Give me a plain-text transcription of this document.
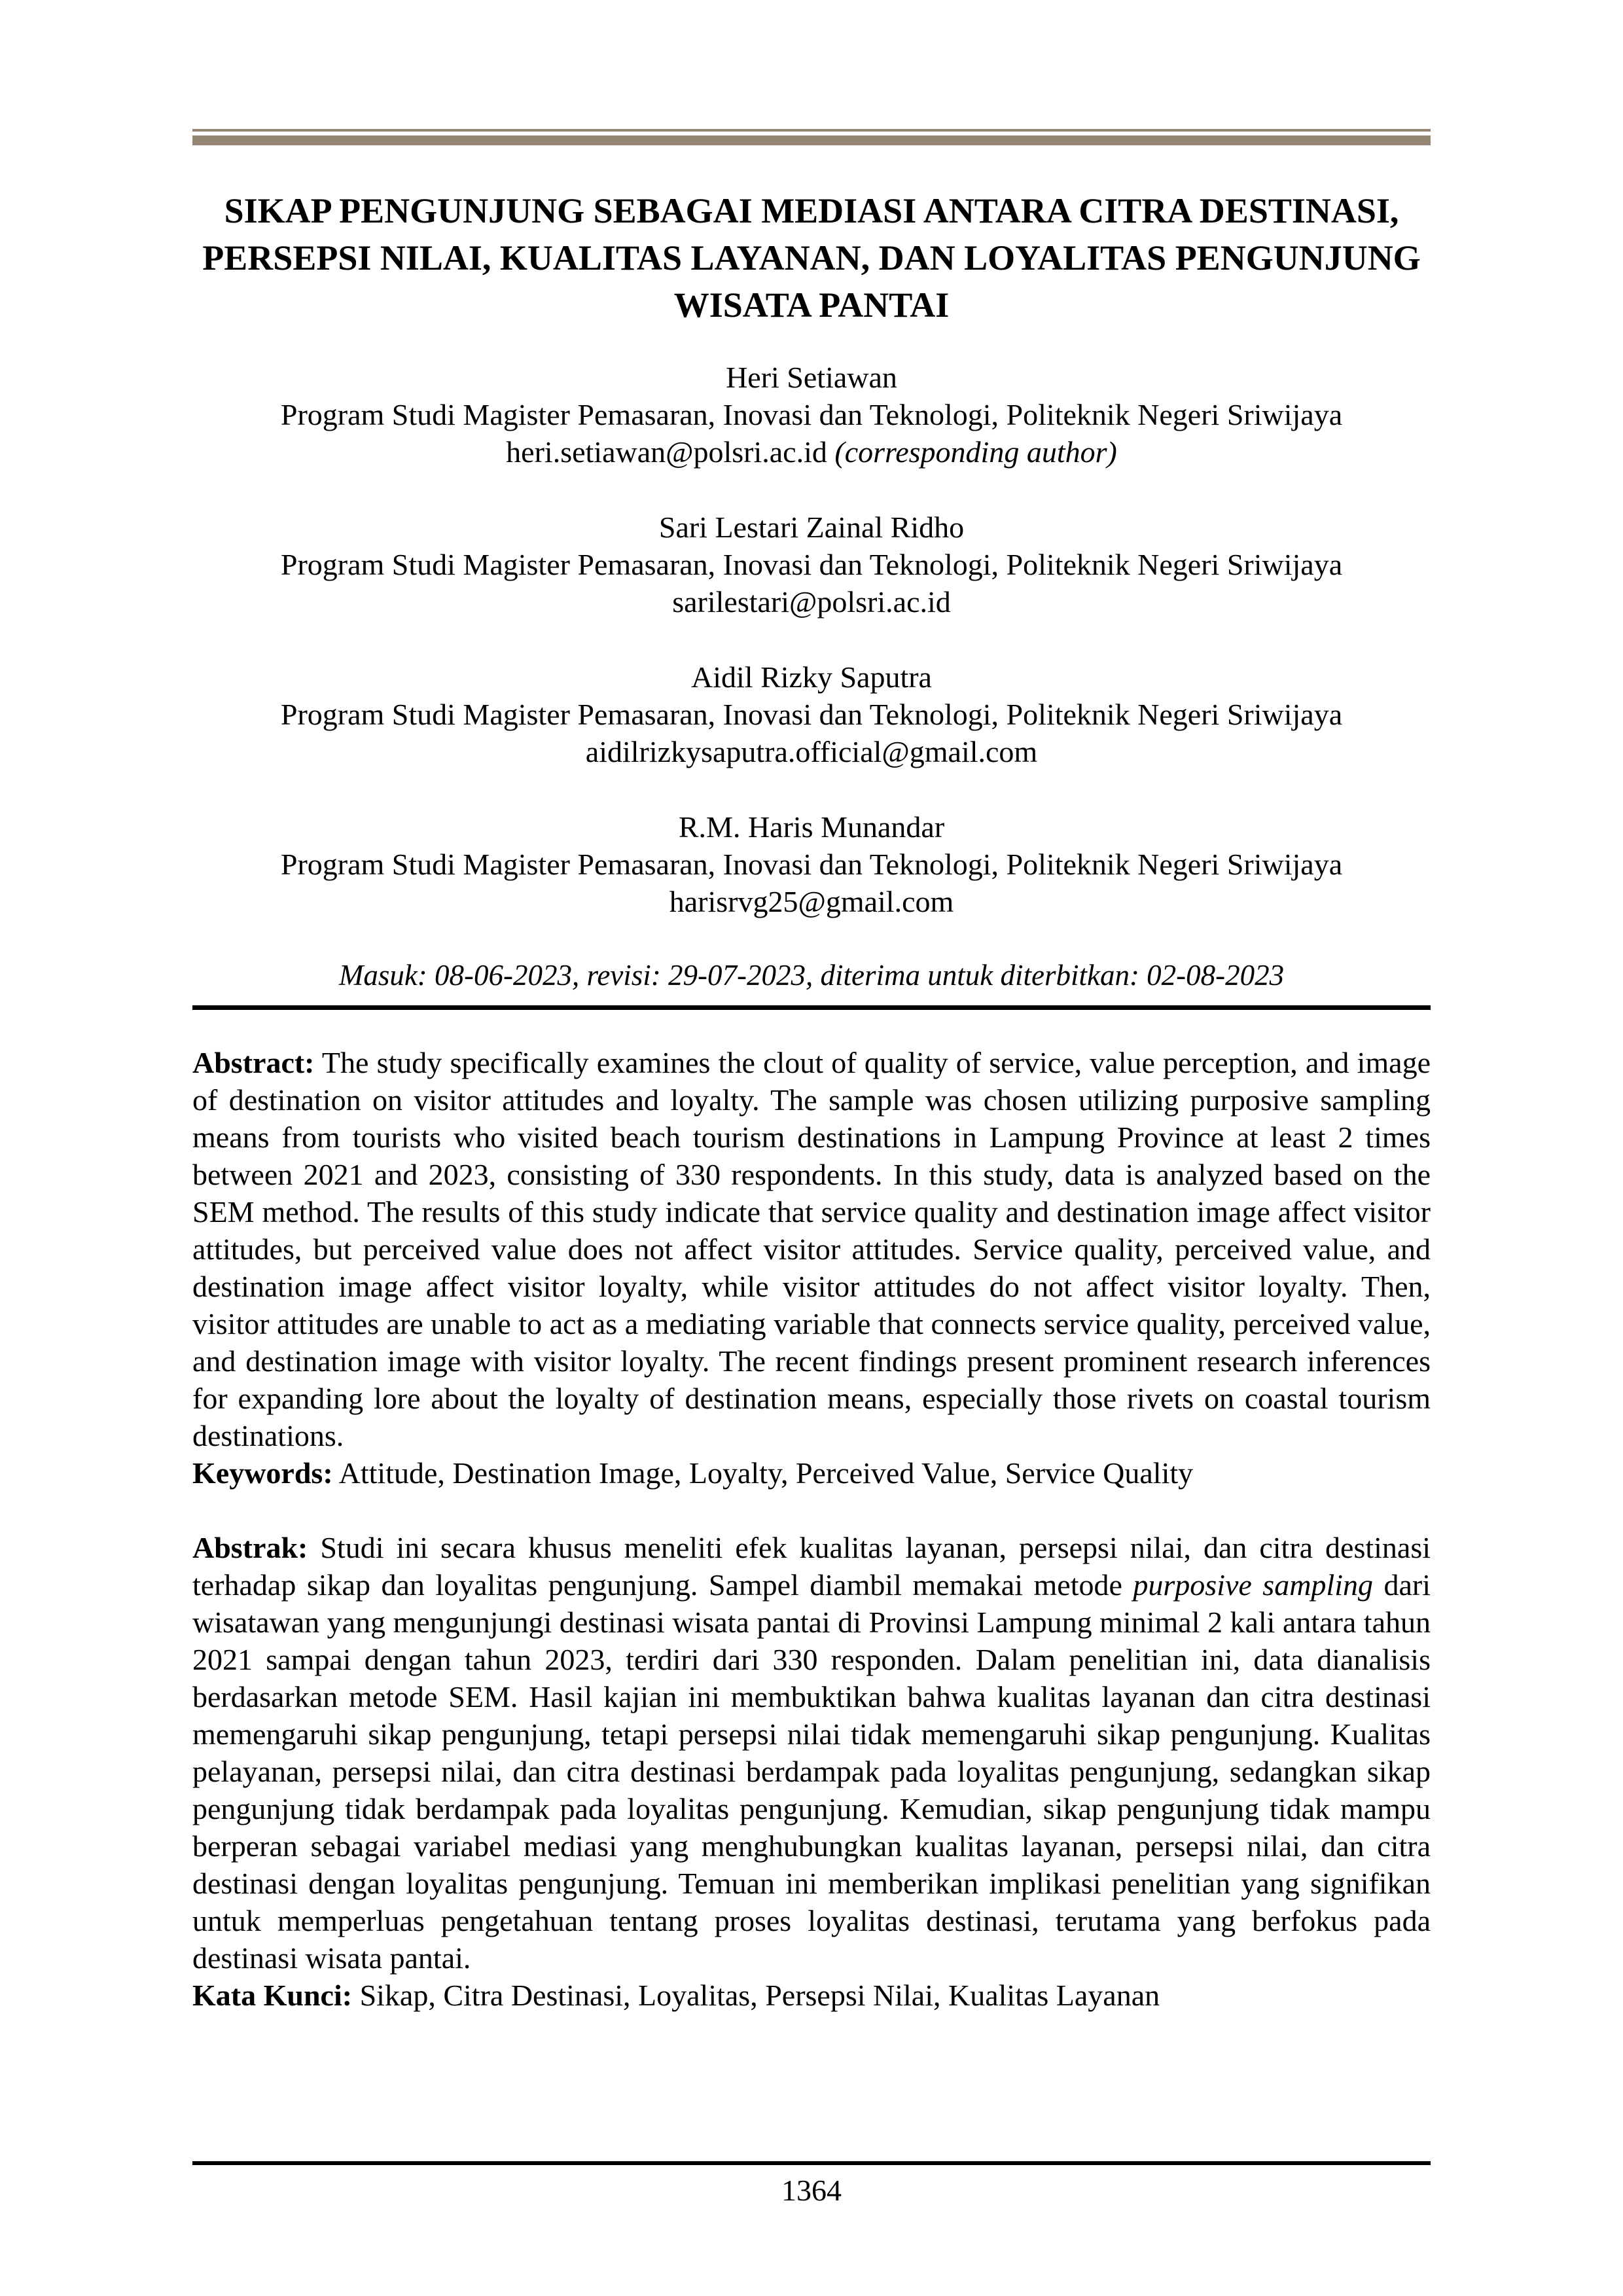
SIKAP PENGUNJUNG SEBAGAI MEDIASI ANTARA CITRA DESTINASI,
PERSEPSI NILAI, KUALITAS LAYANAN, DAN LOYALITAS PENGUNJUNG
WISATA PANTAI
Heri Setiawan
Program Studi Magister Pemasaran, Inovasi dan Teknologi, Politeknik Negeri Sriwijaya
heri.setiawan@polsri.ac.id (corresponding author)
Sari Lestari Zainal Ridho
Program Studi Magister Pemasaran, Inovasi dan Teknologi, Politeknik Negeri Sriwijaya
sarilestari@polsri.ac.id
Aidil Rizky Saputra
Program Studi Magister Pemasaran, Inovasi dan Teknologi, Politeknik Negeri Sriwijaya
aidilrizkysaputra.official@gmail.com
R.M. Haris Munandar
Program Studi Magister Pemasaran, Inovasi dan Teknologi, Politeknik Negeri Sriwijaya
harisrvg25@gmail.com
Masuk: 08-06-2023, revisi: 29-07-2023, diterima untuk diterbitkan: 02-08-2023
Abstract: The study specifically examines the clout of quality of service, value perception, and image of destination on visitor attitudes and loyalty. The sample was chosen utilizing purposive sampling means from tourists who visited beach tourism destinations in Lampung Province at least 2 times between 2021 and 2023, consisting of 330 respondents. In this study, data is analyzed based on the SEM method. The results of this study indicate that service quality and destination image affect visitor attitudes, but perceived value does not affect visitor attitudes. Service quality, perceived value, and destination image affect visitor loyalty, while visitor attitudes do not affect visitor loyalty. Then, visitor attitudes are unable to act as a mediating variable that connects service quality, perceived value, and destination image with visitor loyalty. The recent findings present prominent research inferences for expanding lore about the loyalty of destination means, especially those rivets on coastal tourism destinations.
Keywords: Attitude, Destination Image, Loyalty, Perceived Value, Service Quality
Abstrak: Studi ini secara khusus meneliti efek kualitas layanan, persepsi nilai, dan citra destinasi terhadap sikap dan loyalitas pengunjung. Sampel diambil memakai metode purposive sampling dari wisatawan yang mengunjungi destinasi wisata pantai di Provinsi Lampung minimal 2 kali antara tahun 2021 sampai dengan tahun 2023, terdiri dari 330 responden. Dalam penelitian ini, data dianalisis berdasarkan metode SEM. Hasil kajian ini membuktikan bahwa kualitas layanan dan citra destinasi memengaruhi sikap pengunjung, tetapi persepsi nilai tidak memengaruhi sikap pengunjung. Kualitas pelayanan, persepsi nilai, dan citra destinasi berdampak pada loyalitas pengunjung, sedangkan sikap pengunjung tidak berdampak pada loyalitas pengunjung. Kemudian, sikap pengunjung tidak mampu berperan sebagai variabel mediasi yang menghubungkan kualitas layanan, persepsi nilai, dan citra destinasi dengan loyalitas pengunjung. Temuan ini memberikan implikasi penelitian yang signifikan untuk memperluas pengetahuan tentang proses loyalitas destinasi, terutama yang berfokus pada destinasi wisata pantai.
Kata Kunci: Sikap, Citra Destinasi, Loyalitas, Persepsi Nilai, Kualitas Layanan
1364
